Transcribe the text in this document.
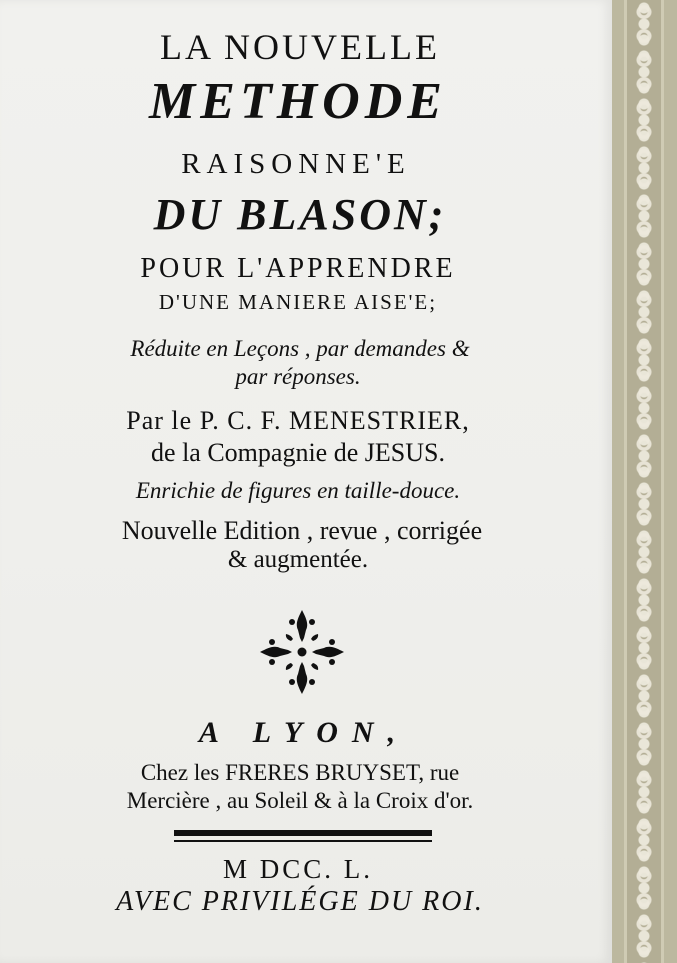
LA NOUVELLE

METHODE

RAISONNE'E

DU BLASON;

POUR L'APPRENDRE

D'UNE MANIERE AISE'E;

Réduite en Leçons , par demandes &

par réponses.

Par le P. C. F. MENESTRIER,

de la Compagnie de JESUS.

Enrichie de figures en taille-douce.

Nouvelle Edition , revue , corrigée

& augmentée.

A LYON,

Chez les FRERES BRUYSET, rue

Mercière , au Soleil & à la Croix d'or.

M DCC. L.

AVEC PRIVILÉGE DU ROI.
